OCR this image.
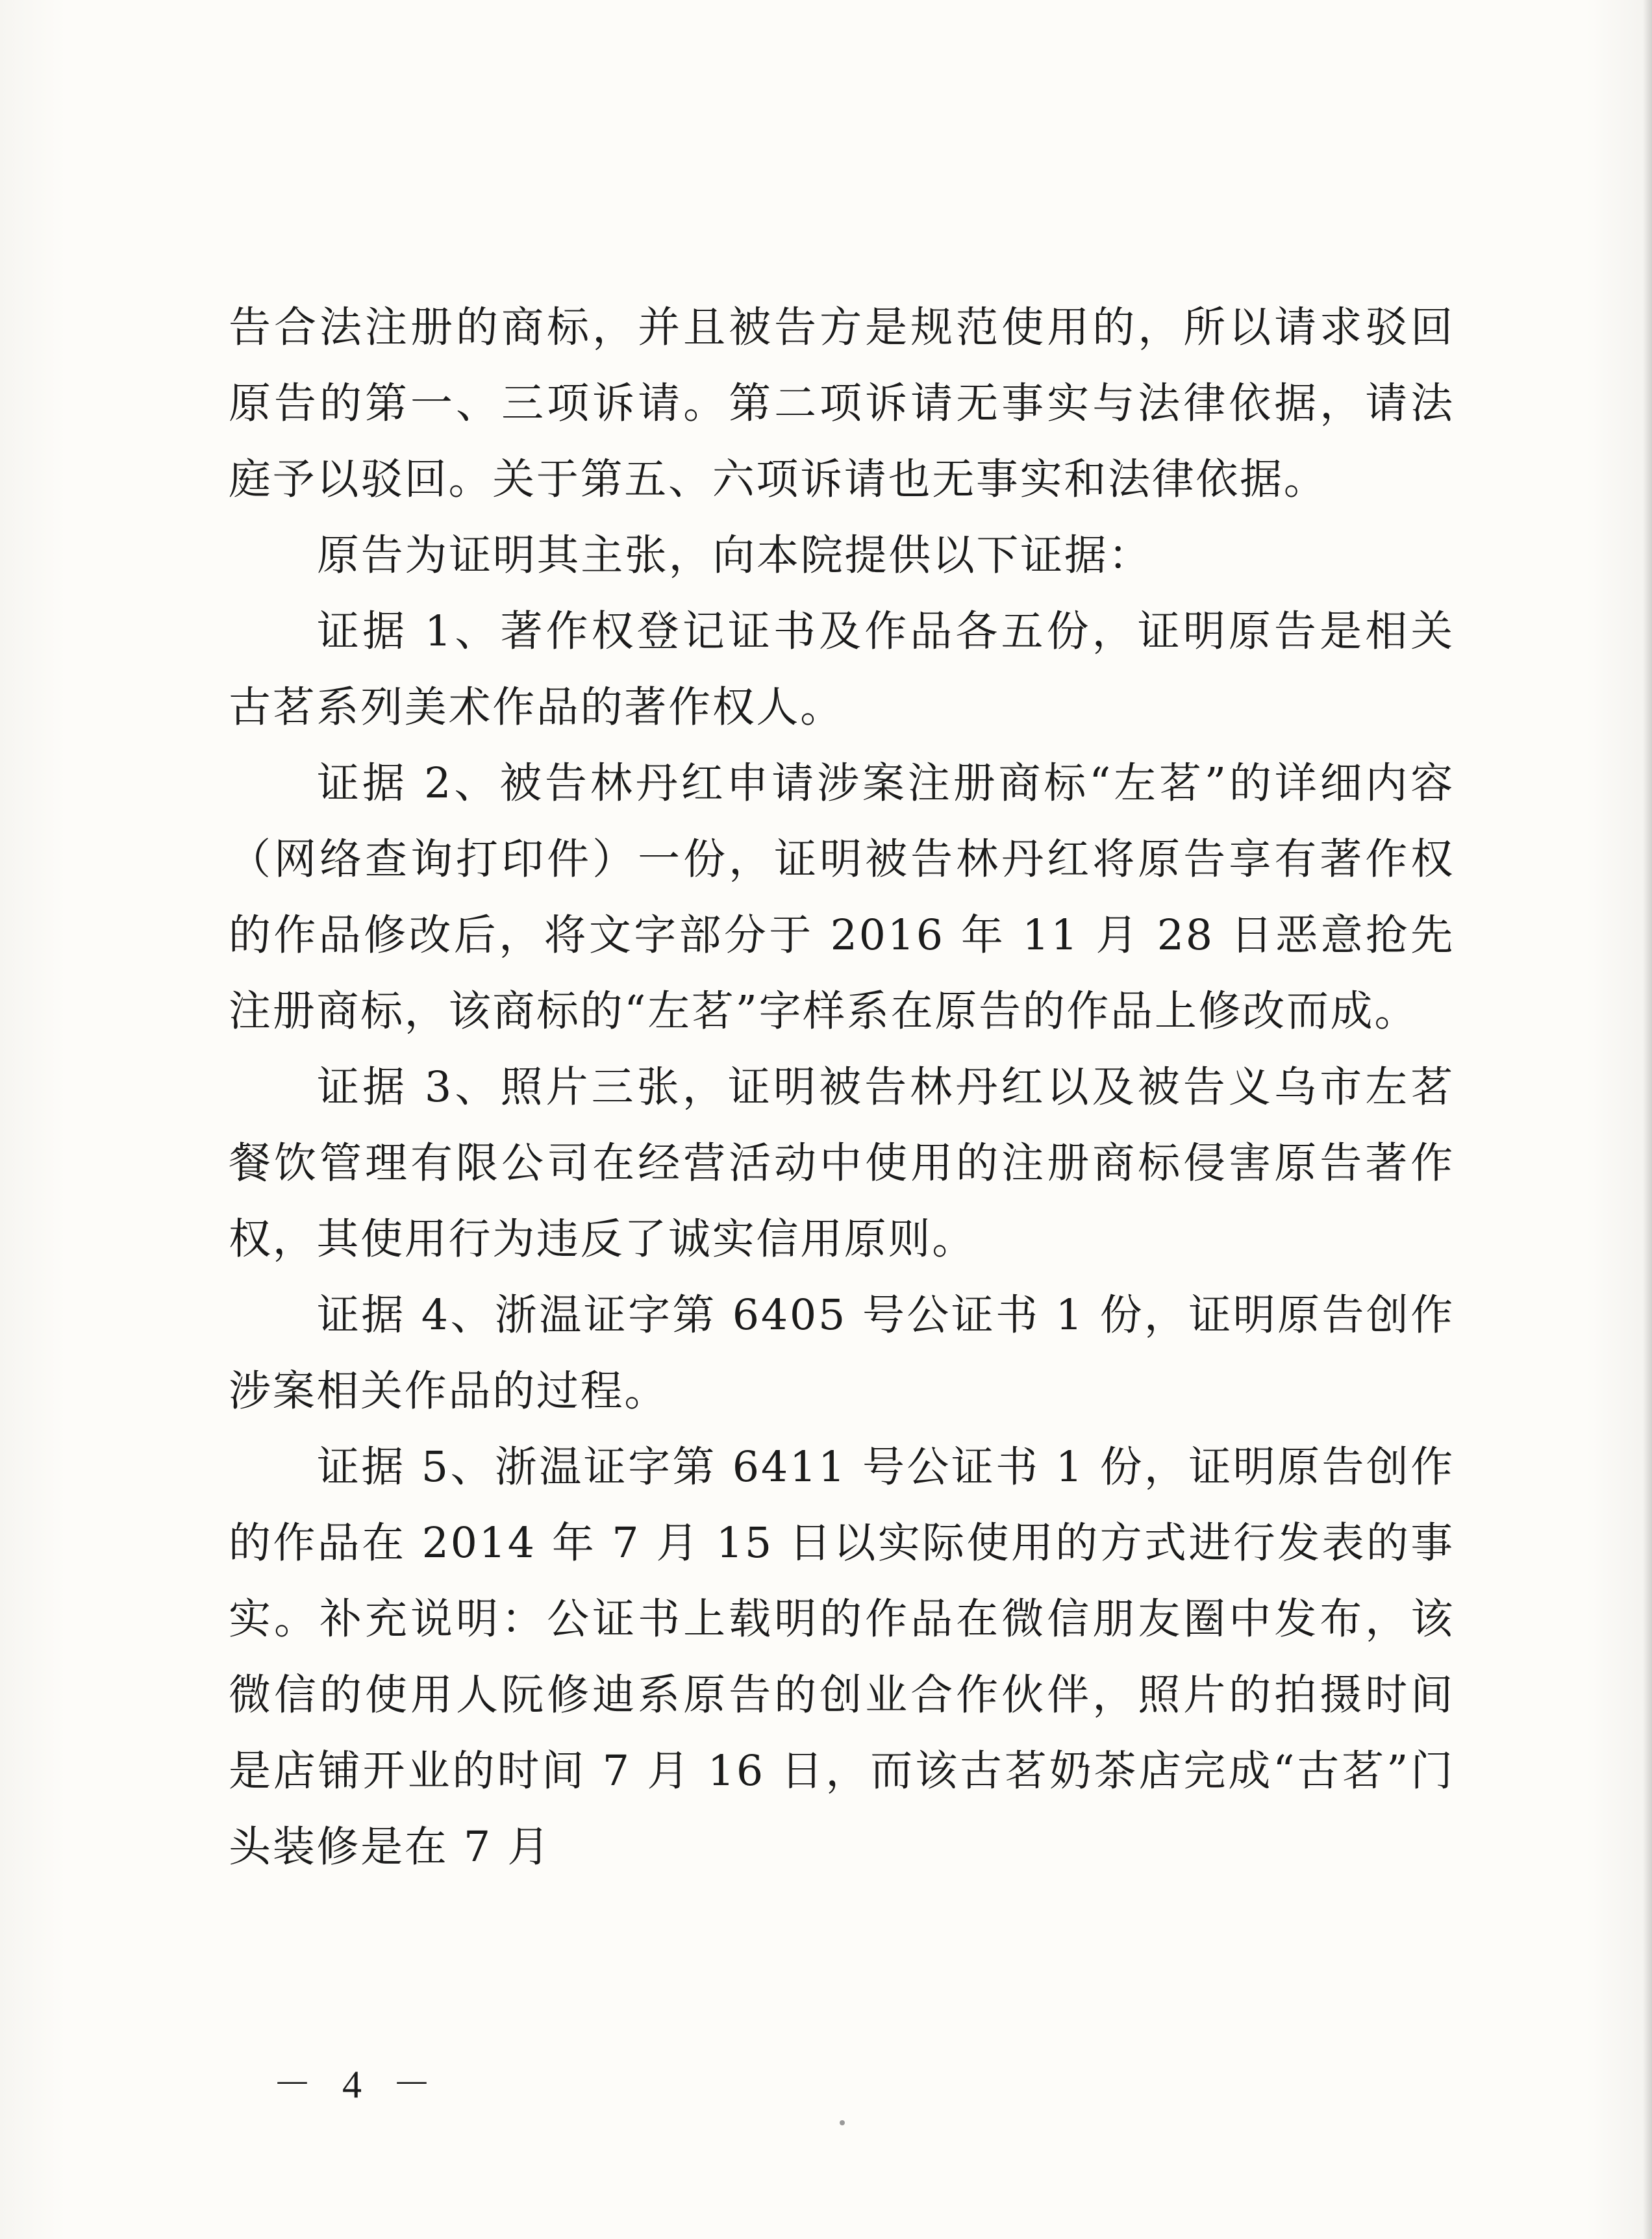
告合法注册的商标，并且被告方是规范使用的，所以请求驳回原告的第一、三项诉请。第二项诉请无事实与法律依据，请法庭予以驳回。关于第五、六项诉请也无事实和法律依据。

原告为证明其主张，向本院提供以下证据：

证据 1、著作权登记证书及作品各五份，证明原告是相关古茗系列美术作品的著作权人。

证据 2、被告林丹红申请涉案注册商标“左茗”的详细内容（网络查询打印件）一份，证明被告林丹红将原告享有著作权的作品修改后，将文字部分于 2016 年 11 月 28 日恶意抢先注册商标，该商标的“左茗”字样系在原告的作品上修改而成。

证据 3、照片三张，证明被告林丹红以及被告义乌市左茗餐饮管理有限公司在经营活动中使用的注册商标侵害原告著作权，其使用行为违反了诚实信用原则。

证据 4、浙温证字第 6405 号公证书 1 份，证明原告创作涉案相关作品的过程。

证据 5、浙温证字第 6411 号公证书 1 份，证明原告创作的作品在 2014 年 7 月 15 日以实际使用的方式进行发表的事实。补充说明：公证书上载明的作品在微信朋友圈中发布，该微信的使用人阮修迪系原告的创业合作伙伴，照片的拍摄时间是店铺开业的时间 7 月 16 日，而该古茗奶茶店完成“古茗”门头装修是在 7 月

－ 4 －
